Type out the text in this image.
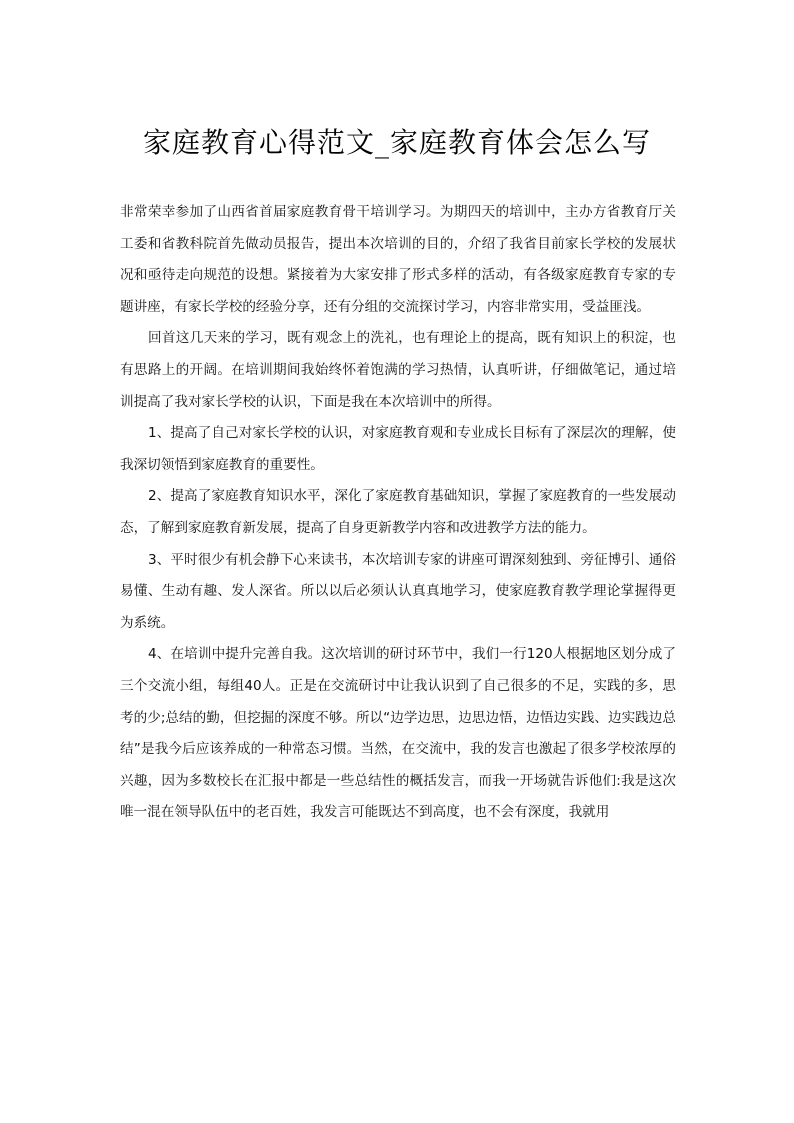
家庭教育心得范文_家庭教育体会怎么写

非常荣幸参加了山西省首届家庭教育骨干培训学习。为期四天的培训中，主办方省教育厅关工委和省教科院首先做动员报告，提出本次培训的目的，介绍了我省目前家长学校的发展状况和亟待走向规范的设想。紧接着为大家安排了形式多样的活动，有各级家庭教育专家的专题讲座，有家长学校的经验分享，还有分组的交流探讨学习，内容非常实用，受益匪浅。

回首这几天来的学习，既有观念上的洗礼，也有理论上的提高，既有知识上的积淀，也有思路上的开阔。在培训期间我始终怀着饱满的学习热情，认真听讲，仔细做笔记，通过培训提高了我对家长学校的认识，下面是我在本次培训中的所得。

1、提高了自己对家长学校的认识，对家庭教育观和专业成长目标有了深层次的理解，使我深切领悟到家庭教育的重要性。

2、提高了家庭教育知识水平，深化了家庭教育基础知识，掌握了家庭教育的一些发展动态，了解到家庭教育新发展，提高了自身更新教学内容和改进教学方法的能力。

3、平时很少有机会静下心来读书，本次培训专家的讲座可谓深刻独到、旁征博引、通俗易懂、生动有趣、发人深省。所以以后必须认认真真地学习，使家庭教育教学理论掌握得更为系统。

4、在培训中提升完善自我。这次培训的研讨环节中，我们一行120人根据地区划分成了三个交流小组，每组40人。正是在交流研讨中让我认识到了自己很多的不足，实践的多，思考的少;总结的勤，但挖掘的深度不够。所以“边学边思，边思边悟，边悟边实践、边实践边总结”是我今后应该养成的一种常态习惯。当然，在交流中，我的发言也激起了很多学校浓厚的兴趣，因为多数校长在汇报中都是一些总结性的概括发言，而我一开场就告诉他们:我是这次唯一混在领导队伍中的老百姓，我发言可能既达不到高度，也不会有深度，我就用
